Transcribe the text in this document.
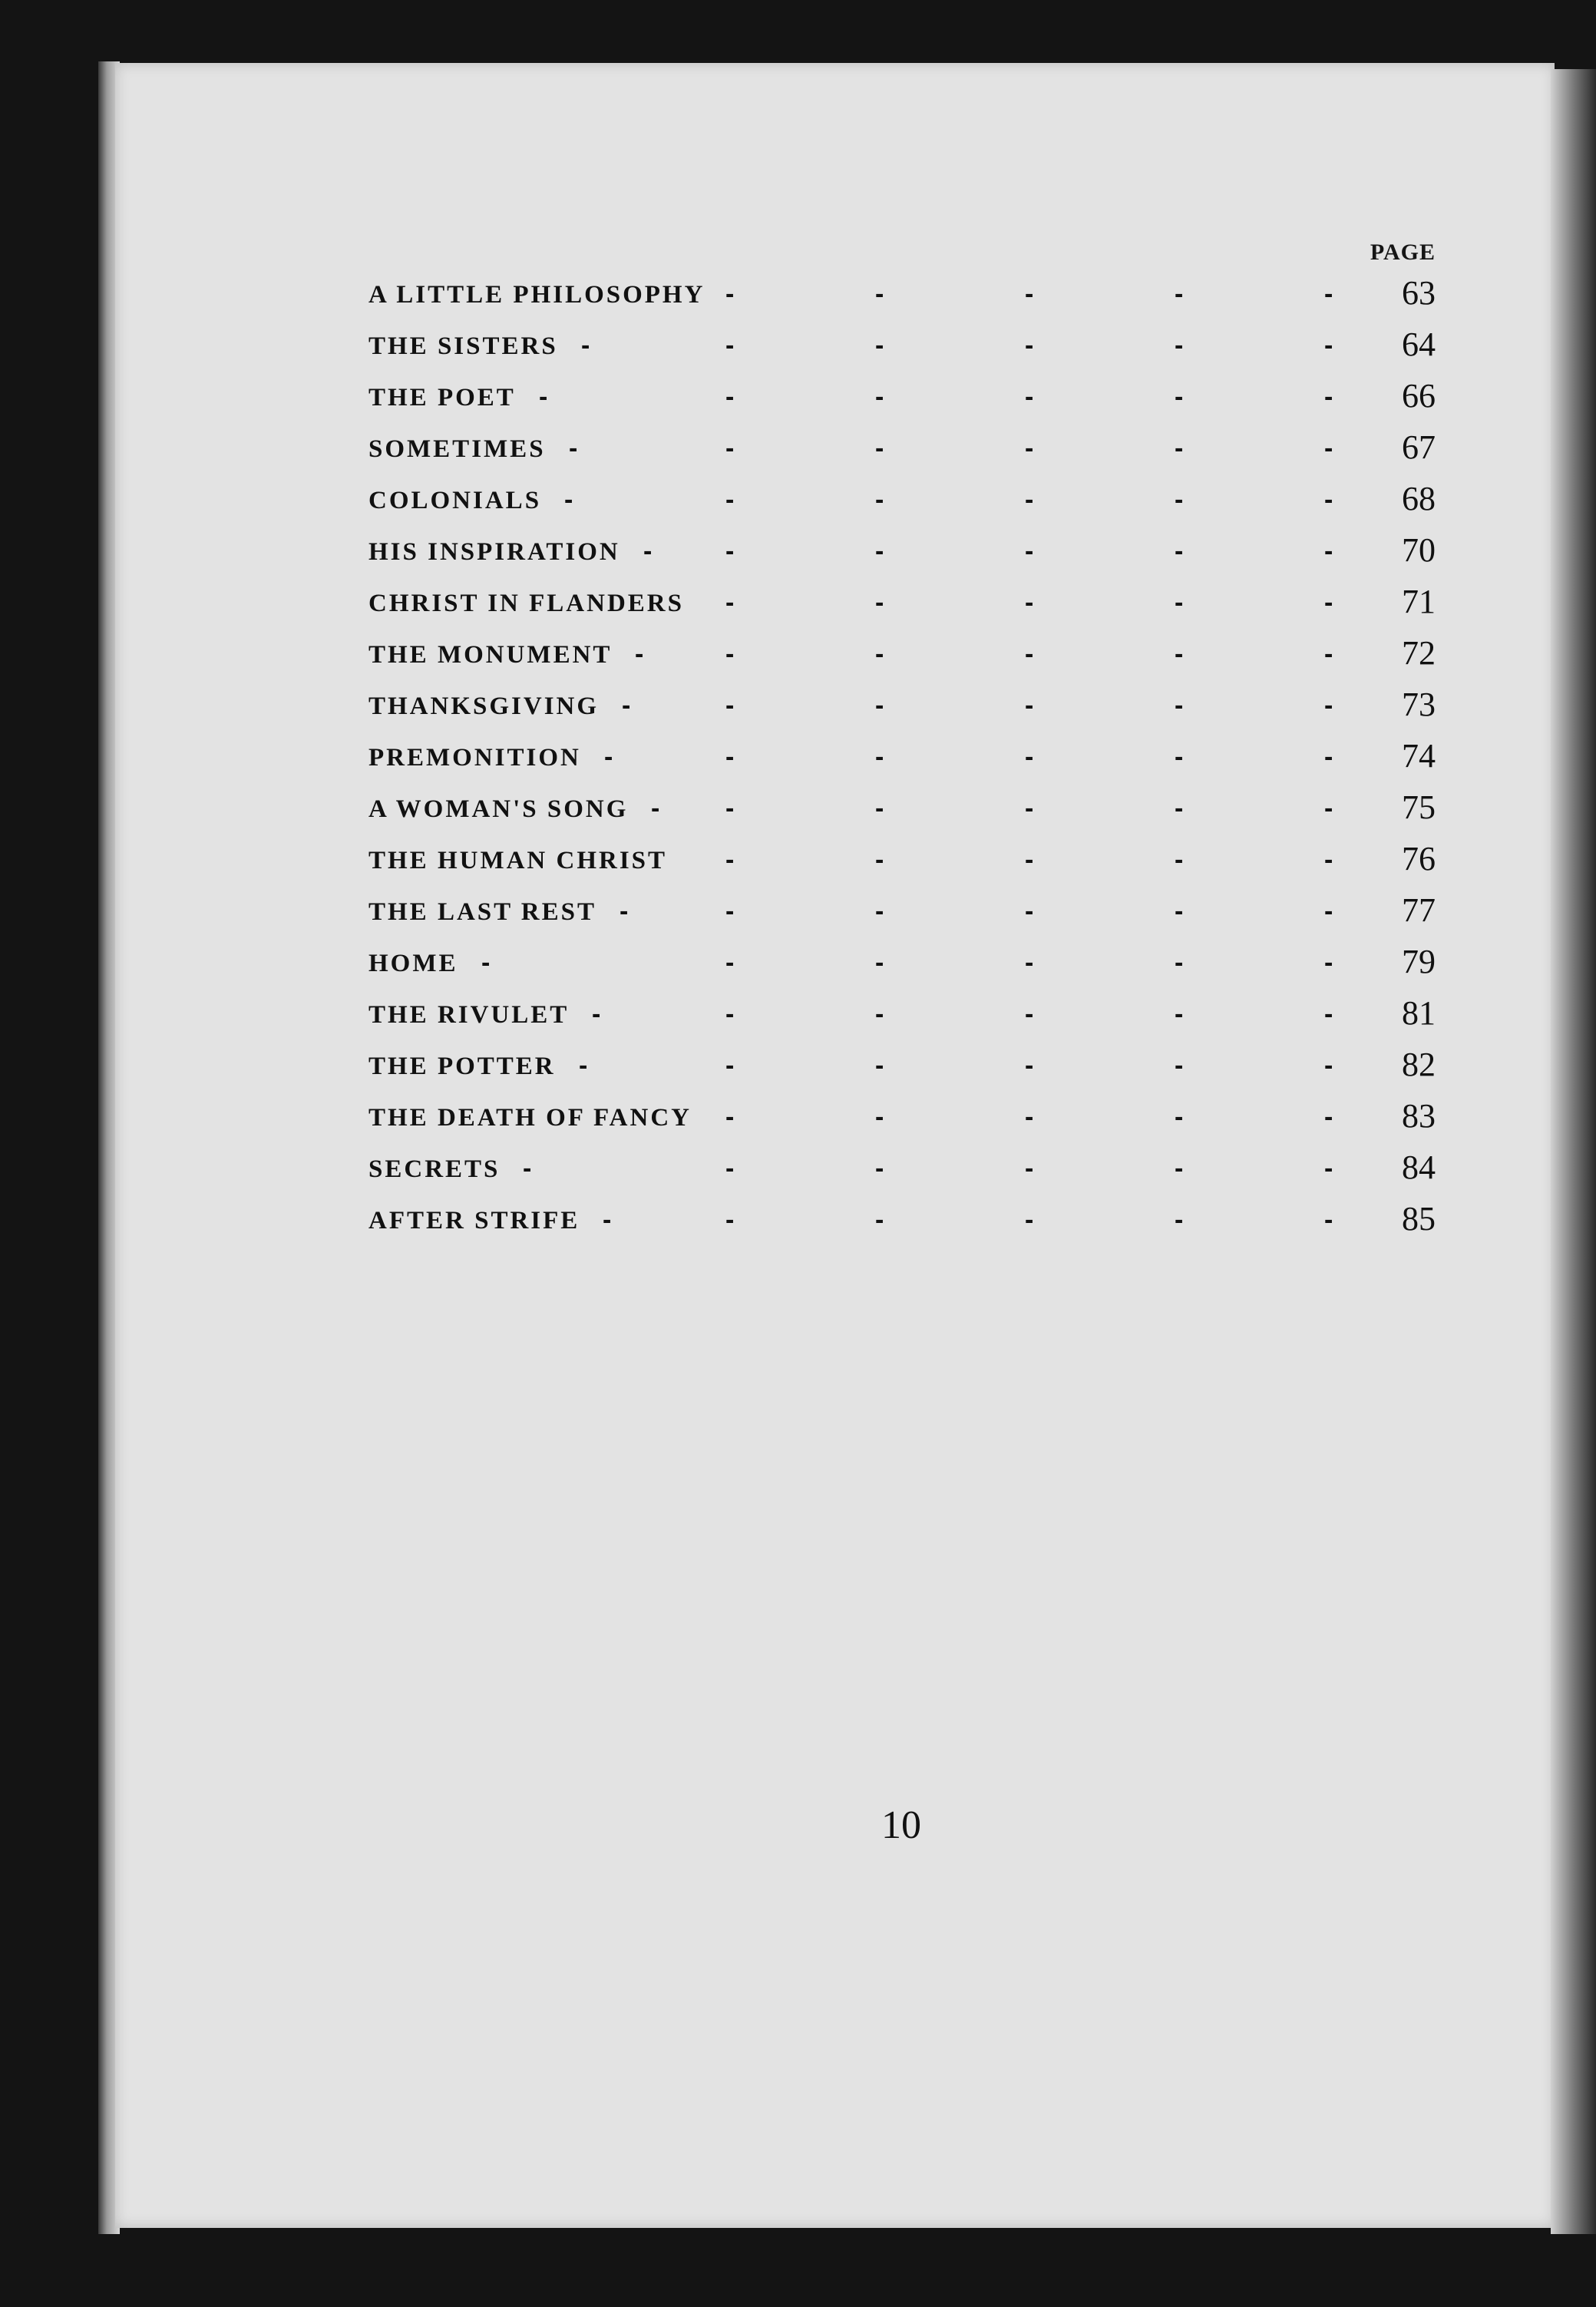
PAGE
A LITTLE PHILOSOPHY -	-	-	-	- 63
THE SISTERS -	-	-	-	-	- 64
THE POET -	-	-	-	-	- 66
SOMETIMES -	-	-	-	-	- 67
COLONIALS -	-	-	-	-	- 68
HIS INSPIRATION -	-	-	-	-	- 70
CHRIST IN FLANDERS -	-	-	-	- 71
THE MONUMENT -	-	-	-	-	- 72
THANKSGIVING -	-	-	-	-	- 73
PREMONITION -	-	-	-	-	- 74
A WOMAN'S SONG -	-	-	-	-	- 75
THE HUMAN CHRIST -	-	-	-	- 76
THE LAST REST -	-	-	-	-	- 77
HOME -	-	-	-	-	- 79
THE RIVULET -	-	-	-	-	- 81
THE POTTER -	-	-	-	-	- 82
THE DEATH OF FANCY -	-	-	-	- 83
SECRETS -	-	-	-	-	- 84
AFTER STRIFE -	-	-	-	-	- 85
10
